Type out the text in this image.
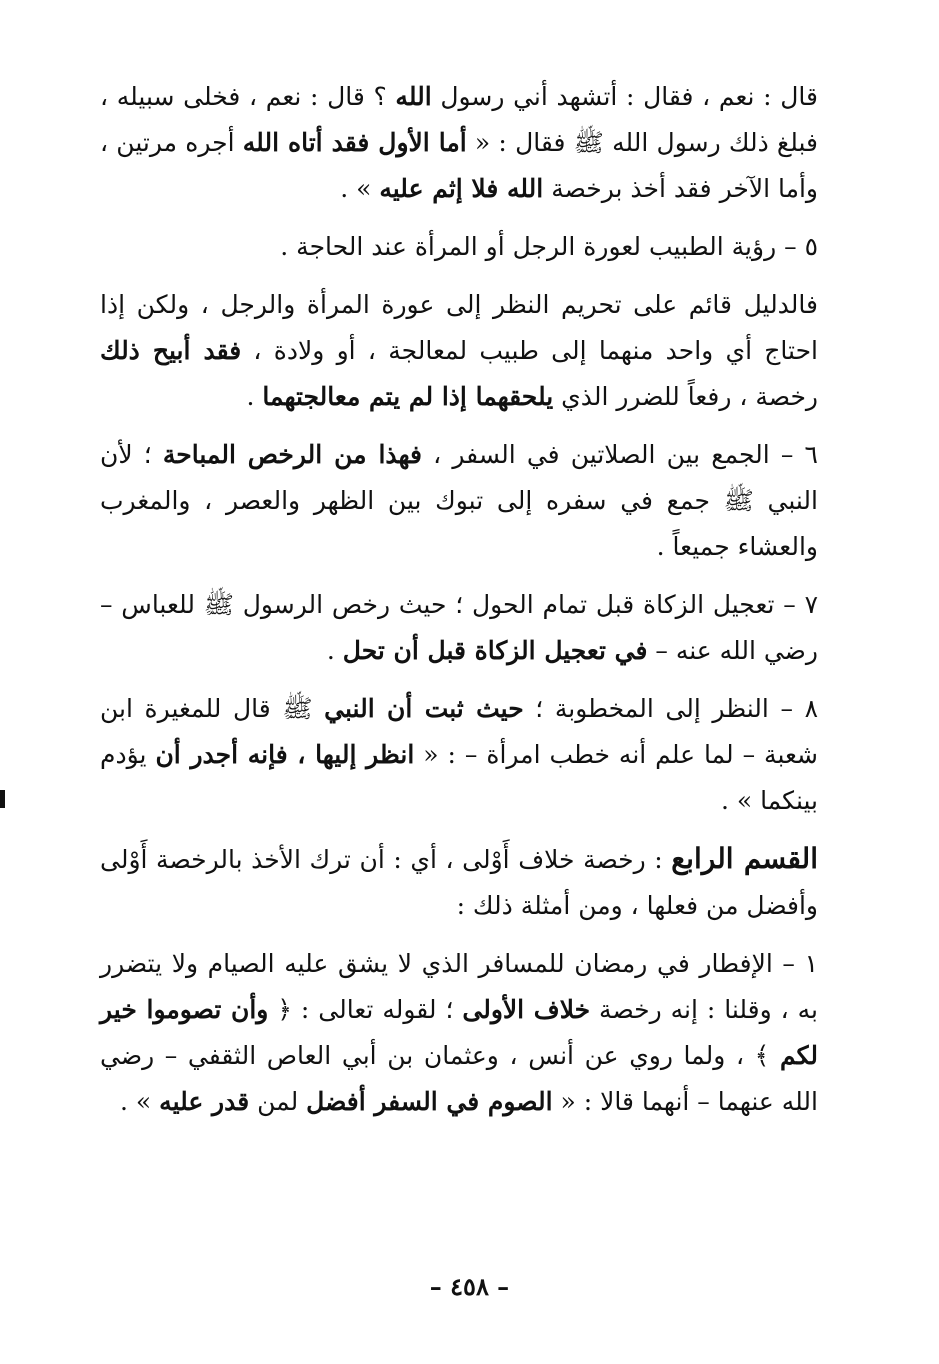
قال : نعم ، فقال : أتشهد أني رسول الله ؟ قال : نعم ، فخلى سبيله ، فبلغ ذلك رسول الله ﷺ فقال : « أما الأول فقد أتاه الله أجره مرتين ، وأما الآخر فقد أخذ برخصة الله فلا إثم عليه » .

٥ – رؤية الطبيب لعورة الرجل أو المرأة عند الحاجة .

فالدليل قائم على تحريم النظر إلى عورة المرأة والرجل ، ولكن إذا احتاج أي واحد منهما إلى طبيب لمعالجة ، أو ولادة ، فقد أبيح ذلك رخصة ، رفعاً للضرر الذي يلحقهما إذا لم يتم معالجتهما .

٦ – الجمع بين الصلاتين في السفر ، فهذا من الرخص المباحة ؛ لأن النبي ﷺ جمع في سفره إلى تبوك بين الظهر والعصر ، والمغرب والعشاء جميعاً .

٧ – تعجيل الزكاة قبل تمام الحول ؛ حيث رخص الرسول ﷺ للعباس – رضي الله عنه – في تعجيل الزكاة قبل أن تحل .

٨ – النظر إلى المخطوبة ؛ حيث ثبت أن النبي ﷺ قال للمغيرة ابن شعبة – لما علم أنه خطب امرأة – : « انظر إليها ، فإنه أجدر أن يؤدم بينكما » .

القسم الرابع : رخصة خلاف أَوْلى ، أي : أن ترك الأخذ بالرخصة أَوْلى وأفضل من فعلها ، ومن أمثلة ذلك :

١ – الإفطار في رمضان للمسافر الذي لا يشق عليه الصيام ولا يتضرر به ، وقلنا : إنه رخصة خلاف الأولى ؛ لقوله تعالى : ﴿ وأن تصوموا خير لكم ﴾ ، ولما روي عن أنس ، وعثمان بن أبي العاص الثقفي – رضي الله عنهما – أنهما قالا : « الصوم في السفر أفضل لمن قدر عليه » .

– ٤٥٨ –
